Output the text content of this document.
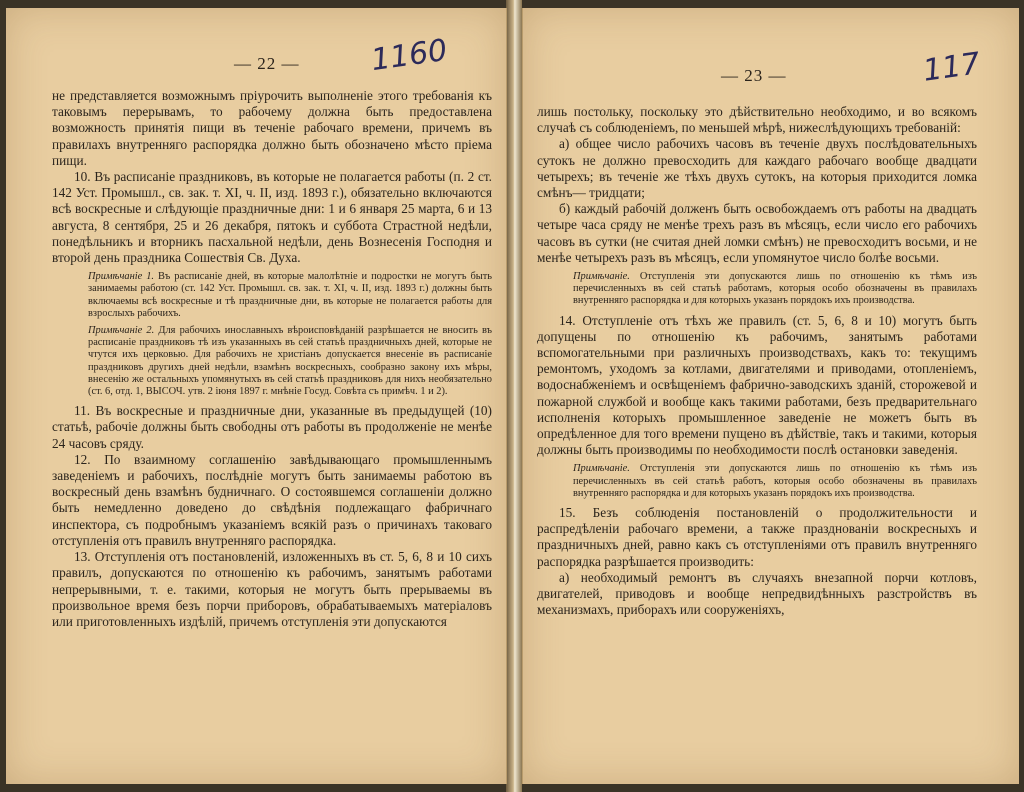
— 22 — 1160

не представляется возможнымъ пріурочить выполненіе этого требованія къ таковымъ перерывамъ, то рабочему должна быть предоставлена возможность принятія пищи въ теченіе рабочаго времени, причемъ въ правилахъ внутренняго распорядка должно быть обозначено мѣсто пріема пищи.

10. Въ расписаніе праздниковъ, въ которые не полагается работы (п. 2 ст. 142 Уст. Промышл., св. зак. т. XI, ч. II, изд. 1893 г.), обязательно включаются всѣ воскресные и слѣдующіе праздничные дни: 1 и 6 января 25 марта, 6 и 13 августа, 8 сентября, 25 и 26 декабря, пятокъ и суббота Страстной недѣли, понедѣльникъ и вторникъ пасхальной недѣли, день Вознесенія Господня и второй день праздника Сошествія Св. Духа.

Примѣчаніе 1. Въ расписаніе дней, въ которые малолѣтніе и подростки не могутъ быть занимаемы работою (ст. 142 Уст. Промышл. св. зак. т. XI, ч. II, изд. 1893 г.) должны быть включаемы всѣ воскресные и тѣ праздничные дни, въ которые не полагается работы для взрослыхъ рабочихъ.
Примѣчаніе 2. Для рабочихъ инославныхъ вѣроисповѣданій разрѣшается не вносить въ расписаніе праздниковъ тѣ изъ указанныхъ въ сей статьѣ праздничныхъ дней, которые не чтутся ихъ церковью. Для рабочихъ не христіанъ допускается внесеніе въ расписаніе праздниковъ другихъ дней недѣли, взамѣнъ воскресныхъ, сообразно закону ихъ мѣры, внесенію же остальныхъ упомянутыхъ въ сей статьѣ праздниковъ для нихъ необязательно (ст. 6, отд. 1, ВЫСОЧ. утв. 2 іюня 1897 г. мнѣніе Госуд. Совѣта съ примѣч. 1 и 2).

11. Въ воскресные и праздничные дни, указанные въ предыдущей (10) статьѣ, рабочіе должны быть свободны отъ работы въ продолженіе не менѣе 24 часовъ сряду.

12. По взаимному соглашенію завѣдывающаго промышленнымъ заведеніемъ и рабочихъ, послѣдніе могутъ быть занимаемы работою въ воскресный день взамѣнъ будничнаго. О состоявшемся соглашеніи должно быть немедленно доведено до свѣдѣнія подлежащаго фабричнаго инспектора, съ подробнымъ указаніемъ всякій разъ о причинахъ таковаго отступленія отъ правилъ внутренняго распорядка.

13. Отступленія отъ постановленій, изложенныхъ въ ст. 5, 6, 8 и 10 сихъ правилъ, допускаются по отношенію къ рабочимъ, занятымъ работами непрерывными, т. е. такими, которыя не могутъ быть прерываемы въ произвольное время безъ порчи приборовъ, обрабатываемыхъ матеріаловъ или приготовленныхъ издѣлій, причемъ отступленія эти допускаются

— 23 —	117

лишь постольку, поскольку это дѣйствительно необходимо, и во всякомъ случаѣ съ соблюденіемъ, по меньшей мѣрѣ, нижеслѣдующихъ требованій:

а) общее число рабочихъ часовъ въ теченіе двухъ послѣдовательныхъ сутокъ не должно превосходить для каждаго рабочаго вообще двадцати четырехъ; въ теченіе же тѣхъ двухъ сутокъ, на которыя приходится ломка смѣнъ— тридцати;

б) каждый рабочій долженъ быть освобождаемъ отъ работы на двадцать четыре часа сряду не менѣе трехъ разъ въ мѣсяцъ, если число его рабочихъ часовъ въ сутки (не считая дней ломки смѣнъ) не превосходитъ восьми, и не менѣе четырехъ разъ въ мѣсяцъ, если упомянутое число болѣе восьми.

Примѣчаніе. Отступленія эти допускаются лишь по отношенію къ тѣмъ изъ перечисленныхъ въ сей статьѣ работамъ, которыя особо обозначены въ правилахъ внутренняго распорядка и для которыхъ указанъ порядокъ ихъ производства.

14. Отступленіе отъ тѣхъ же правилъ (ст. 5, 6, 8 и 10) могутъ быть допущены по отношенію къ рабочимъ, занятымъ работами вспомогательными при различныхъ производствахъ, какъ то: текущимъ ремонтомъ, уходомъ за котлами, двигателями и приводами, отопленіемъ, водоснабженіемъ и освѣщеніемъ фабрично-заводскихъ зданій, сторожевой и пожарной службой и вообще какъ такими работами, безъ предварительнаго исполненія которыхъ промышленное заведеніе не можетъ быть въ опредѣленное для того времени пущено въ дѣйствіе, такъ и такими, которыя должны быть производимы по необходимости послѣ остановки заведенія.

Примѣчаніе. Отступленія эти допускаются лишь по отношенію къ тѣмъ изъ перечисленныхъ въ сей статьѣ работъ, которыя особо обозначены въ правилахъ внутренняго распорядка и для которыхъ указанъ порядокъ ихъ производства.

15. Безъ соблюденія постановленій о продолжительности и распредѣленіи рабочаго времени, а также празднованіи воскресныхъ и праздничныхъ дней, равно какъ съ отступленіями отъ правилъ внутренняго распорядка разрѣшается производить:

а) необходимый ремонтъ въ случаяхъ внезапной порчи котловъ, двигателей, приводовъ и вообще непредвидѣнныхъ разстройствъ въ механизмахъ, приборахъ или сооруженіяхъ,
